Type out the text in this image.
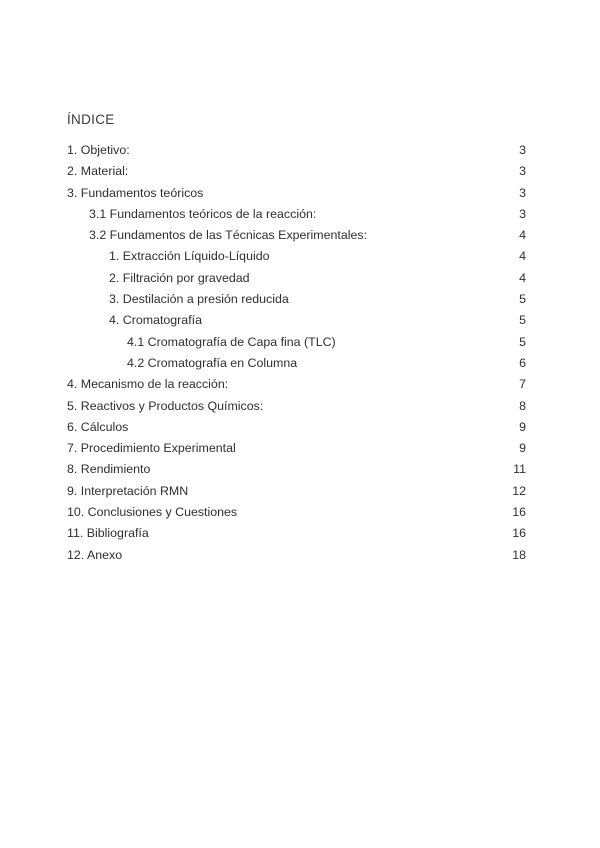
ÍNDICE
1. Objetivo:	3
2. Material:	3
3. Fundamentos teóricos	3
3.1 Fundamentos teóricos de la reacción:	3
3.2 Fundamentos de las Técnicas Experimentales:	4
1. Extracción Líquido-Líquido	4
2. Filtración por gravedad	4
3. Destilación a presión reducida	5
4. Cromatografía	5
4.1 Cromatografía de Capa fina (TLC)	5
4.2 Cromatografía en Columna	6
4. Mecanismo de la reacción:	7
5. Reactivos y Productos Químicos:	8
6. Cálculos	9
7. Procedimiento Experimental	9
8. Rendimiento	11
9. Interpretación RMN	12
10. Conclusiones y Cuestiones	16
11. Bibliografía	16
12. Anexo	18
